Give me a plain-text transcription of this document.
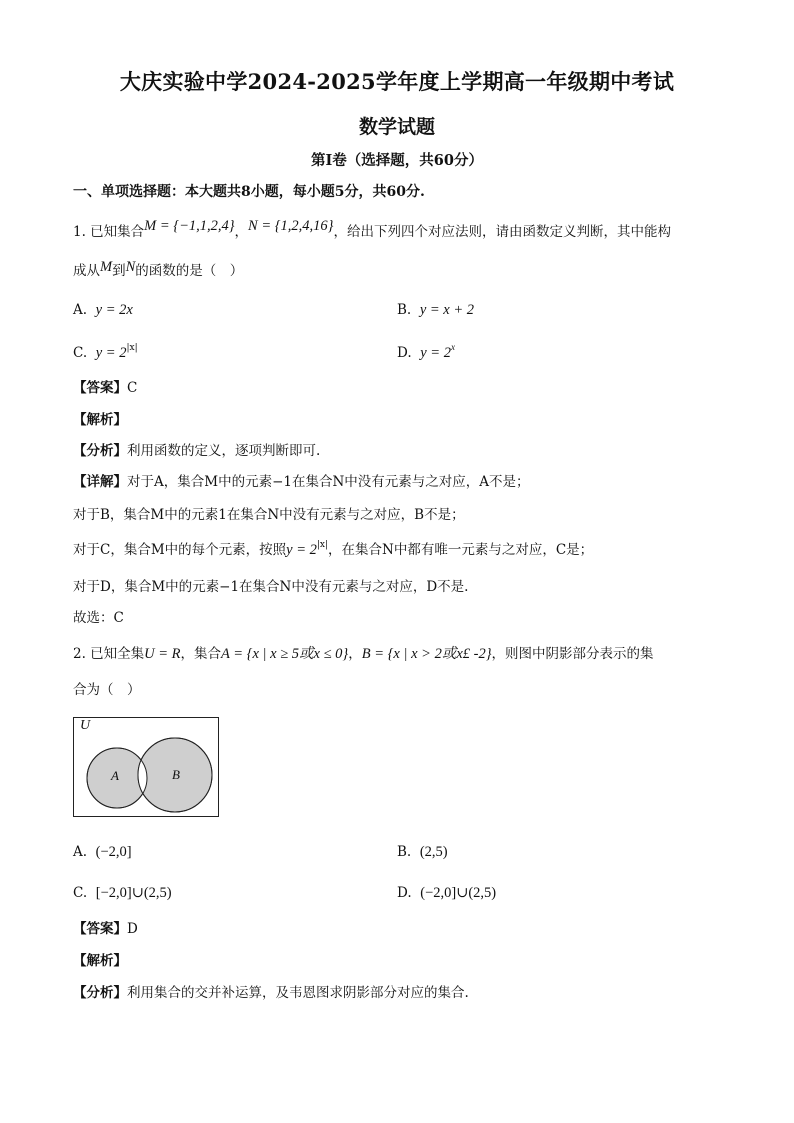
大庆实验中学2024-2025学年度上学期高一年级期中考试
数学试题
第Ⅰ卷（选择题，共60分）
一、单项选择题：本大题共8小题，每小题5分，共60分.
1. 已知集合M = {−1,1,2,4}，N = {1,2,4,16}，给出下列四个对应法则，请由函数定义判断，其中能构
成从M到N的函数的是（　）
A. y = 2x	B. y = x + 2
C. $y = 2^{|x|}$	D. $y = 2^x$
【答案】C
【解析】
【分析】利用函数的定义，逐项判断即可.
【详解】对于A，集合M中的元素−1在集合N中没有元素与之对应，A不是；
对于B，集合M中的元素1在集合N中没有元素与之对应，B不是；
对于C，集合M中的每个元素，按照$y = 2^{|x|}$，在集合N中都有唯一元素与之对应，C是；
对于D，集合M中的元素−1在集合N中没有元素与之对应，D不是.
故选：C
2. 已知全集U = R，集合A = {x | x ≥ 5或x ≤ 0}，B = {x | x > 2或x£ -2}，则图中阴影部分表示的集
合为（　）
U
A	B
A. (−2,0]	B. (2,5)
C. [−2,0]∪(2,5)	D. (−2,0]∪(2,5)
【答案】D
【解析】
【分析】利用集合的交并补运算，及韦恩图求阴影部分对应的集合.
